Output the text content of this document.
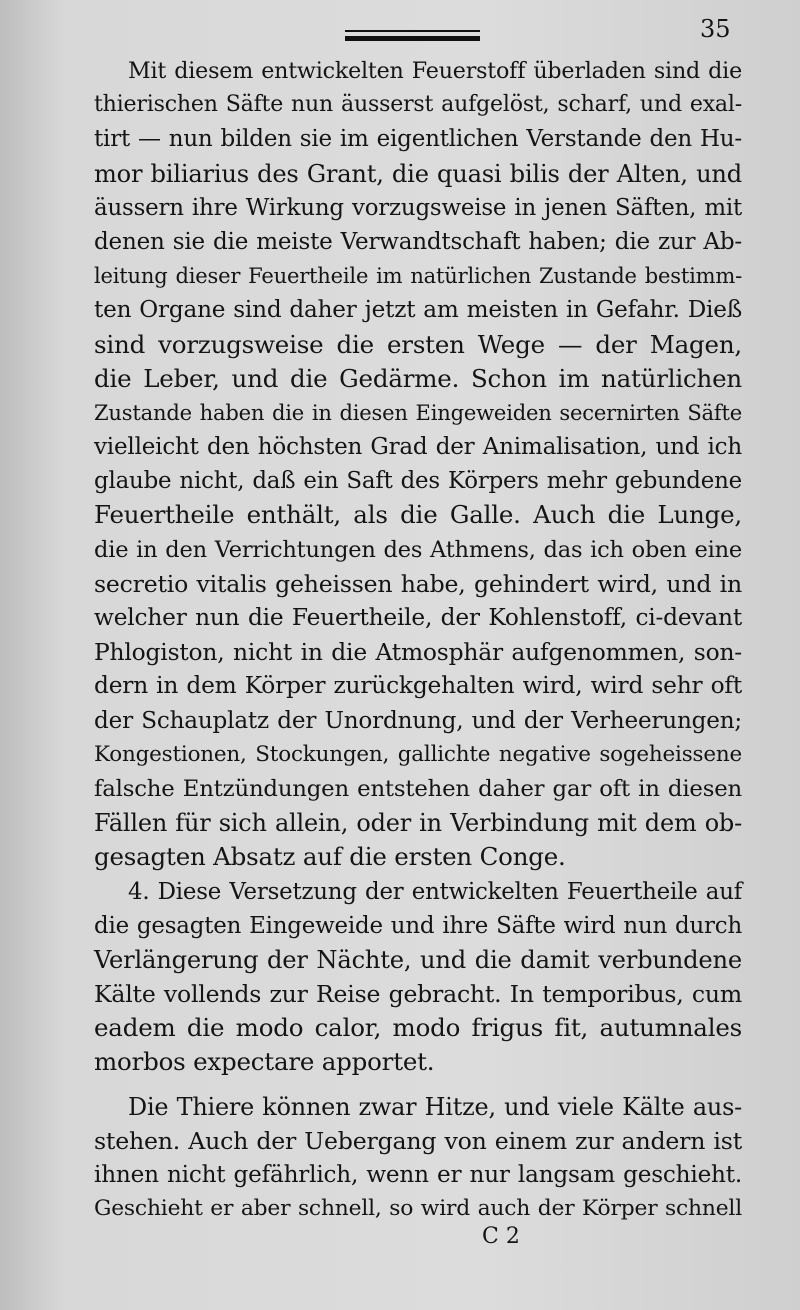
35
Mit diesem entwickelten Feuerstoff überladen sind die
thierischen Säfte nun äusserst aufgelöst, scharf, und exal-
tirt — nun bilden sie im eigentlichen Verstande den Hu-
mor biliarius des Grant, die quasi bilis der Alten, und
äussern ihre Wirkung vorzugsweise in jenen Säften, mit
denen sie die meiste Verwandtschaft haben; die zur Ab-
leitung dieser Feuertheile im natürlichen Zustande bestimm-
ten Organe sind daher jetzt am meisten in Gefahr. Dieß
sind vorzugsweise die ersten Wege — der Magen,
die Leber, und die Gedärme. Schon im natürlichen
Zustande haben die in diesen Eingeweiden secernirten Säfte
vielleicht den höchsten Grad der Animalisation, und ich
glaube nicht, daß ein Saft des Körpers mehr gebundene
Feuertheile enthält, als die Galle. Auch die Lunge,
die in den Verrichtungen des Athmens, das ich oben eine
secretio vitalis geheissen habe, gehindert wird, und in
welcher nun die Feuertheile, der Kohlenstoff, ci-devant
Phlogiston, nicht in die Atmosphär aufgenommen, son-
dern in dem Körper zurückgehalten wird, wird sehr oft
der Schauplatz der Unordnung, und der Verheerungen;
Kongestionen, Stockungen, gallichte negative sogeheissene
falsche Entzündungen entstehen daher gar oft in diesen
Fällen für sich allein, oder in Verbindung mit dem ob-
gesagten Absatz auf die ersten Conge.
4. Diese Versetzung der entwickelten Feuertheile auf
die gesagten Eingeweide und ihre Säfte wird nun durch
Verlängerung der Nächte, und die damit verbundene
Kälte vollends zur Reise gebracht. In temporibus, cum
eadem die modo calor, modo frigus fit, autumnales
morbos expectare apportet.
Die Thiere können zwar Hitze, und viele Kälte aus-
stehen. Auch der Uebergang von einem zur andern ist
ihnen nicht gefährlich, wenn er nur langsam geschieht.
Geschieht er aber schnell, so wird auch der Körper schnell
C 2
